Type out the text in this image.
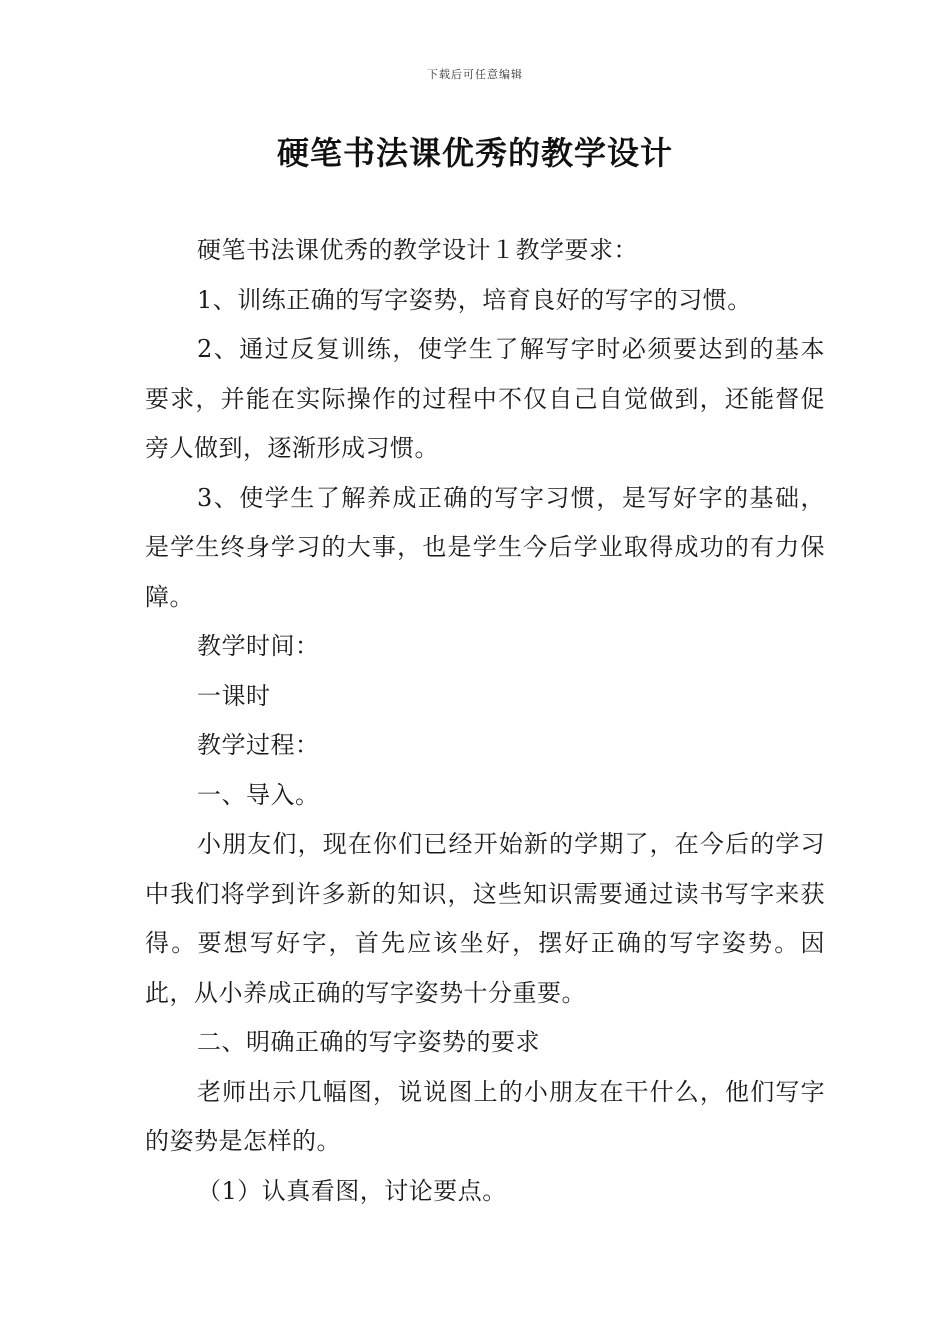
下载后可任意编辑
硬笔书法课优秀的教学设计

硬笔书法课优秀的教学设计１教学要求：

1、训练正确的写字姿势，培育良好的写字的习惯。

2、通过反复训练，使学生了解写字时必须要达到的基本要求，并能在实际操作的过程中不仅自己自觉做到，还能督促旁人做到，逐渐形成习惯。

3、使学生了解养成正确的写字习惯，是写好字的基础，是学生终身学习的大事，也是学生今后学业取得成功的有力保障。

教学时间：

一课时

教学过程：

一、导入。

小朋友们，现在你们已经开始新的学期了，在今后的学习中我们将学到许多新的知识，这些知识需要通过读书写字来获得。要想写好字，首先应该坐好，摆好正确的写字姿势。因此，从小养成正确的写字姿势十分重要。

二、明确正确的写字姿势的要求

老师出示几幅图，说说图上的小朋友在干什么，他们写字的姿势是怎样的。

（1）认真看图，讨论要点。
